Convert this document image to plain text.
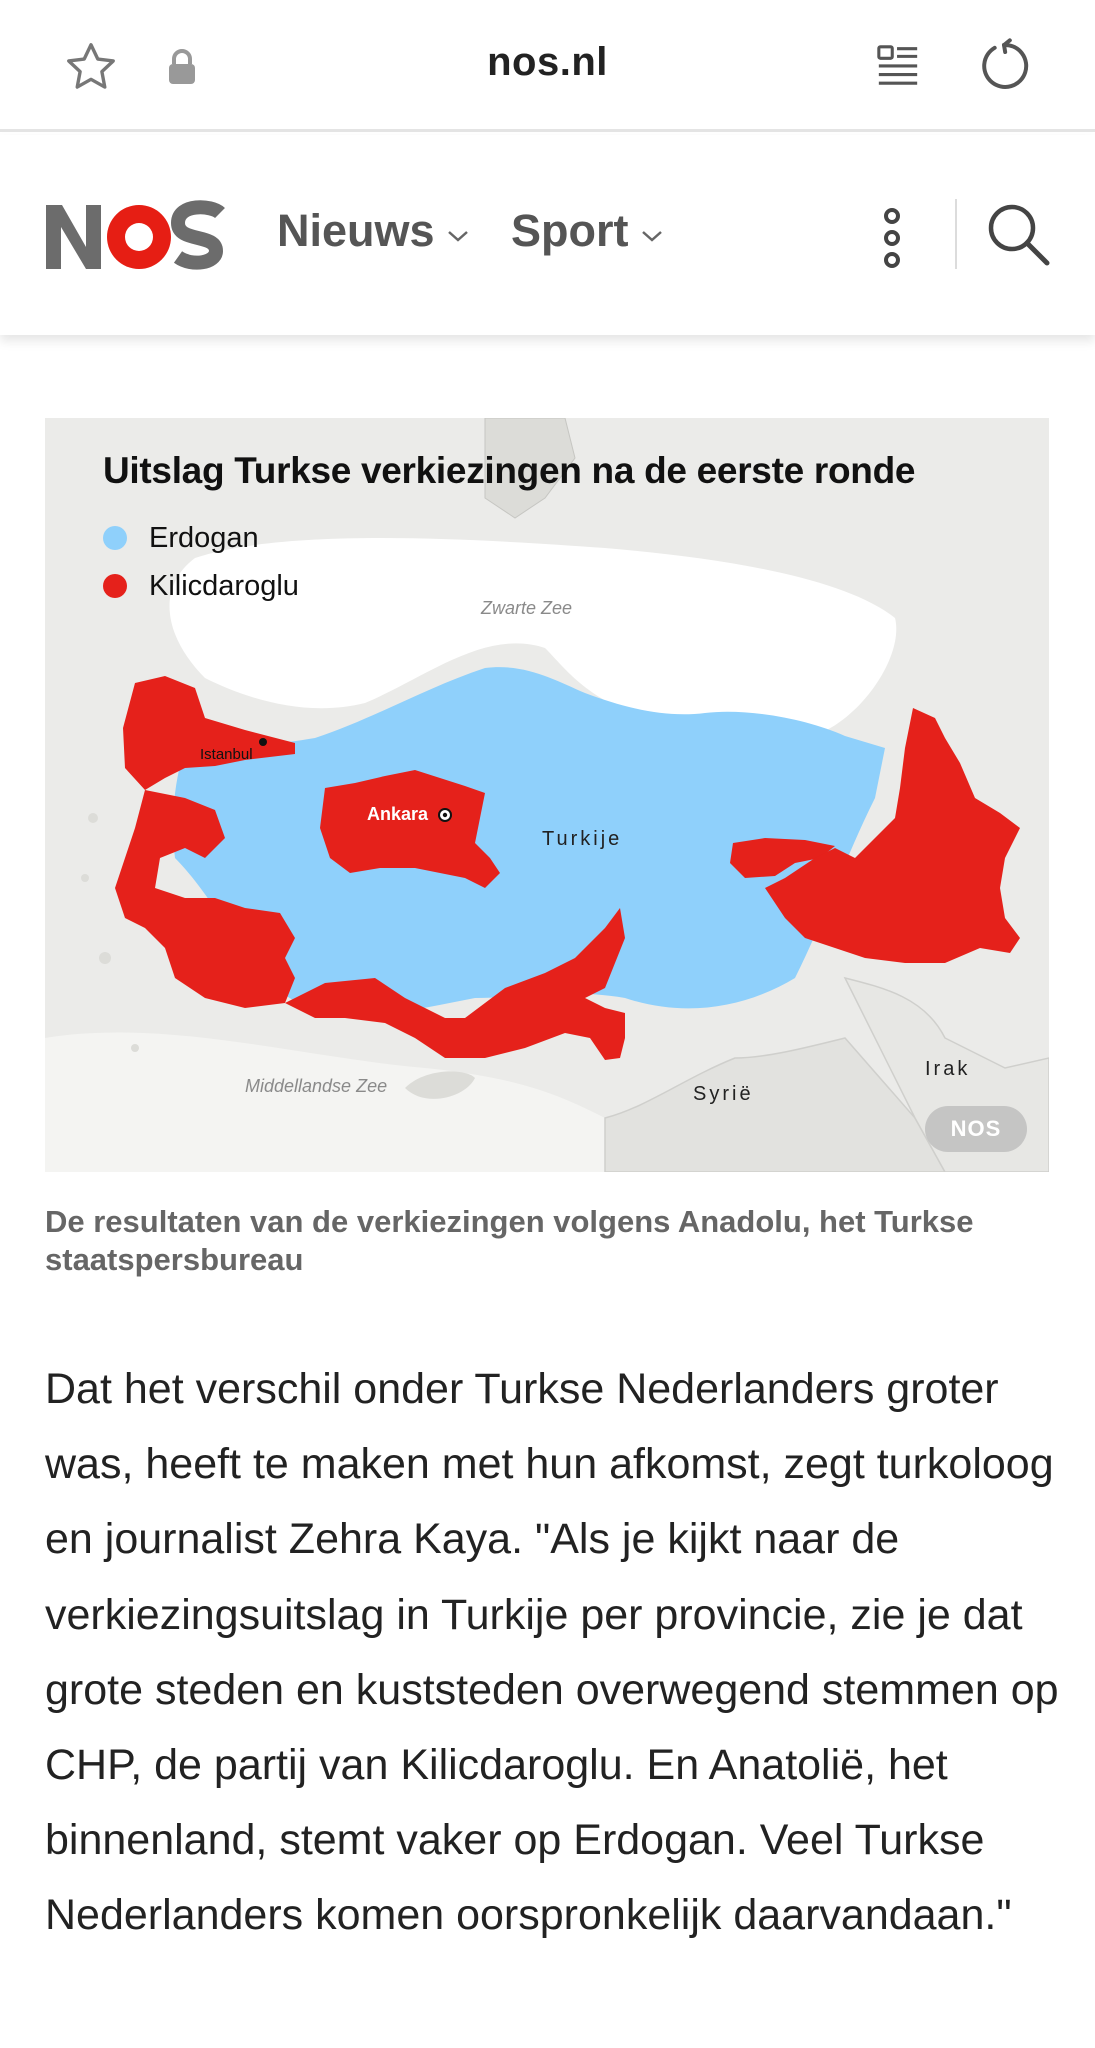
nos.nl
Nieuws Sport
Uitslag Turkse verkiezingen na de eerste ronde
Erdogan
Kilicdaroglu
Zwarte Zee
Middellandse Zee
Istanbul
Ankara
Turkije
Syrië
Irak
NOS
De resultaten van de verkiezingen volgens Anadolu, het Turkse staatspersbureau
Dat het verschil onder Turkse Nederlanders groter was, heeft te maken met hun afkomst, zegt turkoloog en journalist Zehra Kaya. "Als je kijkt naar de verkiezingsuitslag in Turkije per provincie, zie je dat grote steden en kuststeden overwegend stemmen op CHP, de partij van Kilicdaroglu. En Anatolië, het binnenland, stemt vaker op Erdogan. Veel Turkse Nederlanders komen oorspronkelijk daarvandaan."
